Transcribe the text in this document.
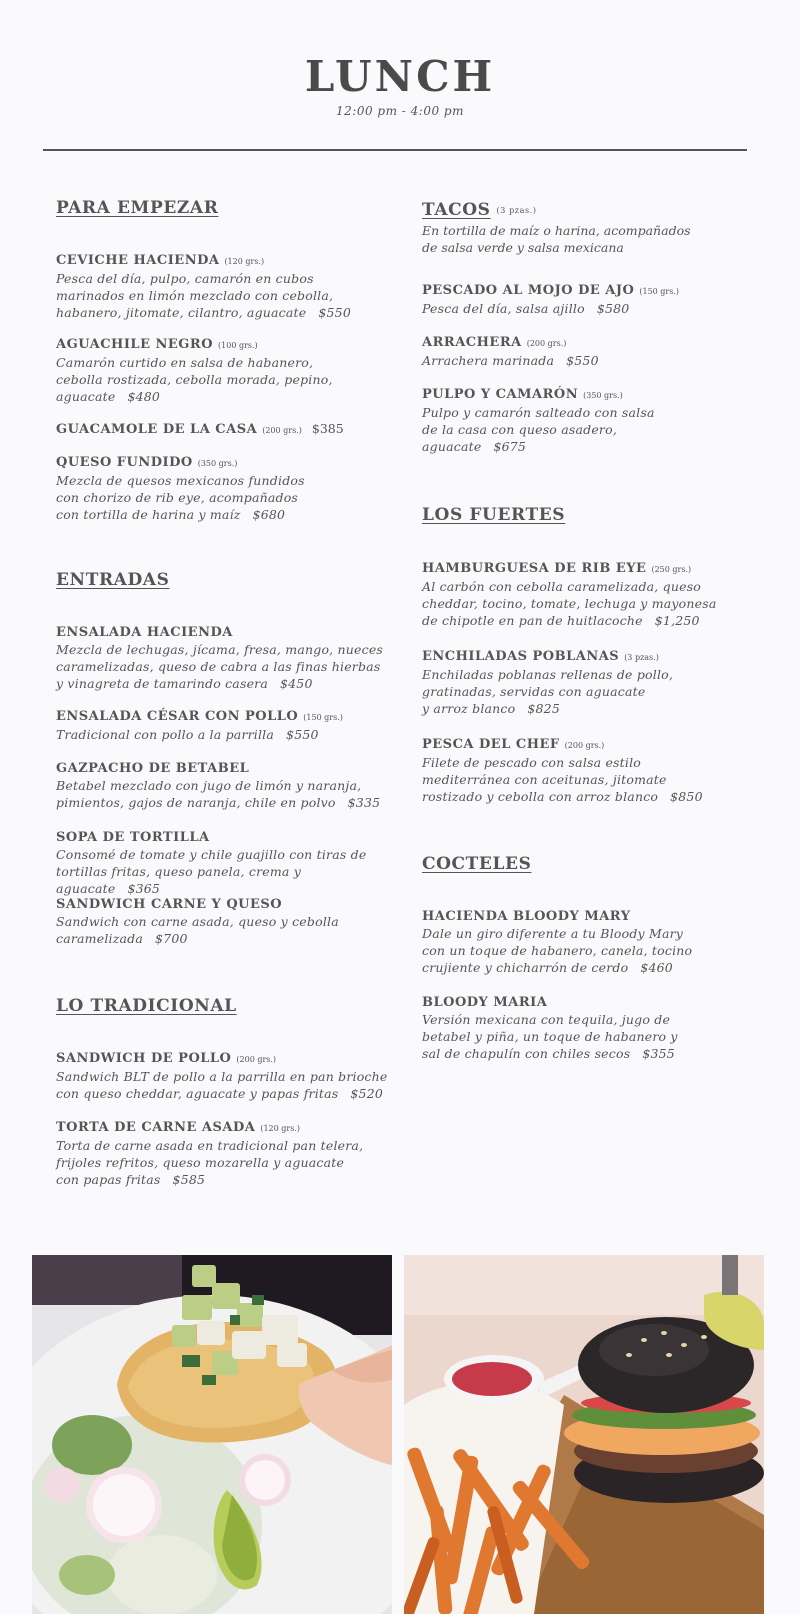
LUNCH
12:00 pm - 4:00 pm
PARA EMPEZAR
CEVICHE HACIENDA (120 grs.)
Pesca del día, pulpo, camarón en cubos
marinados en limón mezclado con cebolla,
habanero, jitomate, cilantro, aguacate $550
AGUACHILE NEGRO (100 grs.)
Camarón curtido en salsa de habanero,
cebolla rostizada, cebolla morada, pepino,
aguacate $480
GUACAMOLE DE LA CASA (200 grs.) $385
QUESO FUNDIDO (350 grs.)
Mezcla de quesos mexicanos fundidos
con chorizo de rib eye, acompañados
con tortilla de harina y maíz $680
ENTRADAS
ENSALADA HACIENDA
Mezcla de lechugas, jícama, fresa, mango, nueces
caramelizadas, queso de cabra a las finas hierbas
y vinagreta de tamarindo casera $450
ENSALADA CÉSAR CON POLLO (150 grs.)
Tradicional con pollo a la parrilla $550
GAZPACHO DE BETABEL
Betabel mezclado con jugo de limón y naranja,
pimientos, gajos de naranja, chile en polvo $335
SOPA DE TORTILLA
Consomé de tomate y chile guajillo con tiras de
tortillas fritas, queso panela, crema y aguacate $365
SANDWICH CARNE Y QUESO
Sandwich con carne asada, queso y cebolla
caramelizada $700
LO TRADICIONAL
SANDWICH DE POLLO (200 grs.)
Sandwich BLT de pollo a la parrilla en pan brioche
con queso cheddar, aguacate y papas fritas $520
TORTA DE CARNE ASADA (120 grs.)
Torta de carne asada en tradicional pan telera,
frijoles refritos, queso mozarella y aguacate
con papas fritas $585
TACOS (3 pzas.)
En tortilla de maíz o harina, acompañados
de salsa verde y salsa mexicana
PESCADO AL MOJO DE AJO (150 grs.)
Pesca del día, salsa ajillo $580
ARRACHERA (200 grs.)
Arrachera marinada $550
PULPO Y CAMARÓN (350 grs.)
Pulpo y camarón salteado con salsa
de la casa con queso asadero,
aguacate $675
LOS FUERTES
HAMBURGUESA DE RIB EYE (250 grs.)
Al carbón con cebolla caramelizada, queso
cheddar, tocino, tomate, lechuga y mayonesa
de chipotle en pan de huitlacoche $1,250
ENCHILADAS POBLANAS (3 pzas.)
Enchiladas poblanas rellenas de pollo,
gratinadas, servidas con aguacate
y arroz blanco $825
PESCA DEL CHEF (200 grs.)
Filete de pescado con salsa estilo
mediterránea con aceitunas, jitomate
rostizado y cebolla con arroz blanco $850
COCTELES
HACIENDA BLOODY MARY
Dale un giro diferente a tu Bloody Mary
con un toque de habanero, canela, tocino
crujiente y chicharrón de cerdo $460
BLOODY MARIA
Versión mexicana con tequila, jugo de
betabel y piña, un toque de habanero y
sal de chapulín con chiles secos $355
